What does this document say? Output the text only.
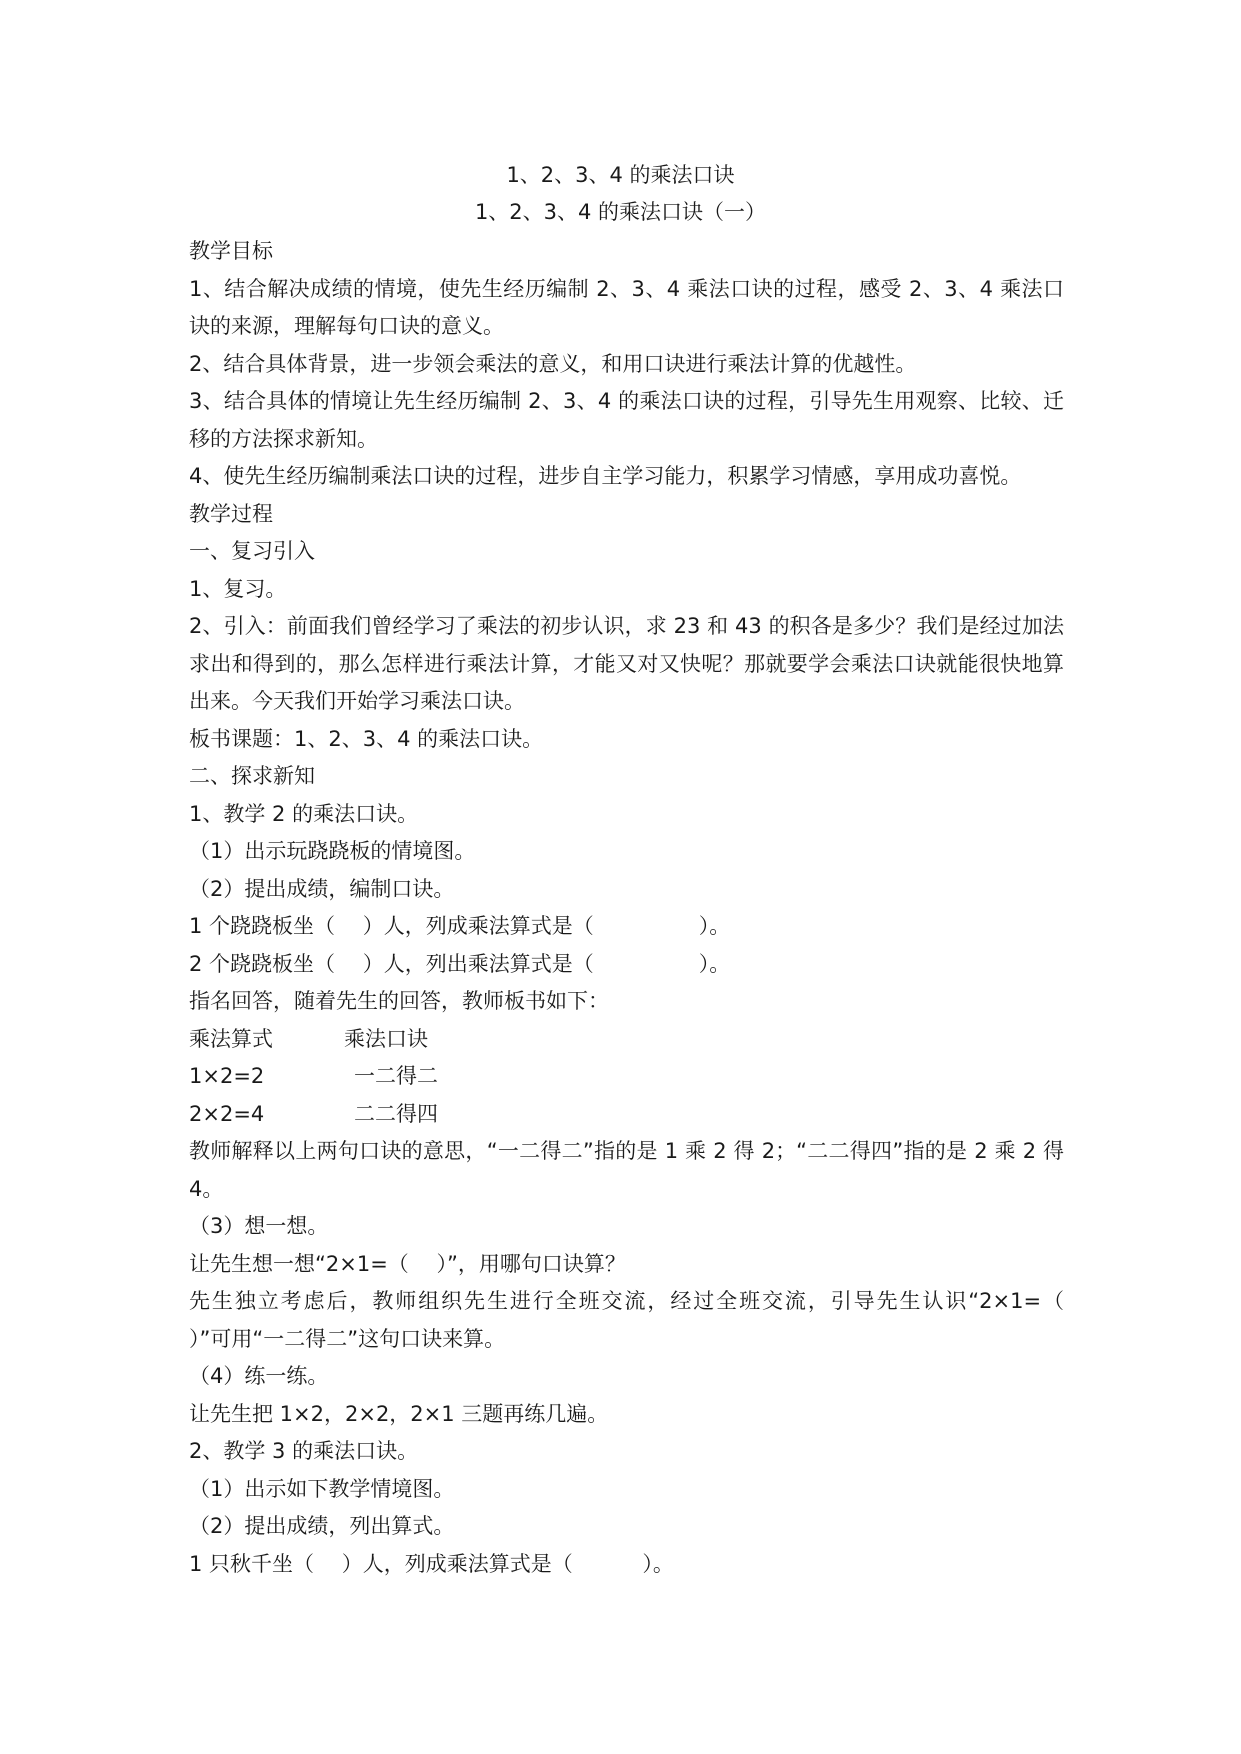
1、2、3、4 的乘法口诀
1、2、3、4 的乘法口诀（一）
教学目标
1、结合解决成绩的情境，使先生经历编制 2、3、4 乘法口诀的过程，感受 2、3、4 乘法口诀的来源，理解每句口诀的意义。
2、结合具体背景，进一步领会乘法的意义，和用口诀进行乘法计算的优越性。
3、结合具体的情境让先生经历编制 2、3、4 的乘法口诀的过程，引导先生用观察、比较、迁移的方法探求新知。
4、使先生经历编制乘法口诀的过程，进步自主学习能力，积累学习情感，享用成功喜悦。
教学过程
一、复习引入
1、复习。
2、引入：前面我们曾经学习了乘法的初步认识，求 23 和 43 的积各是多少？我们是经过加法求出和得到的，那么怎样进行乘法计算，才能又对又快呢？那就要学会乘法口诀就能很快地算出来。今天我们开始学习乘法口诀。
板书课题：1、2、3、4 的乘法口诀。
二、探求新知
1、教学 2 的乘法口诀。
（1）出示玩跷跷板的情境图。
（2）提出成绩，编制口诀。
1 个跷跷板坐（　 ）人，列成乘法算式是（　　　　　）。
2 个跷跷板坐（　 ）人，列出乘法算式是（　　　　　）。
指名回答，随着先生的回答，教师板书如下：
乘法算式	乘法口诀
1×2=2	一二得二
2×2=4	二二得四
教师解释以上两句口诀的意思，“一二得二”指的是 1 乘 2 得 2；“二二得四”指的是 2 乘 2 得 4。
（3）想一想。
让先生想一想“2×1=（　 ）”，用哪句口诀算？
先生独立考虑后，教师组织先生进行全班交流，经过全班交流，引导先生认识“2×1=（　 ）”可用“一二得二”这句口诀来算。
（4）练一练。
让先生把 1×2，2×2，2×1 三题再练几遍。
2、教学 3 的乘法口诀。
（1）出示如下教学情境图。
（2）提出成绩，列出算式。
1 只秋千坐（　 ）人，列成乘法算式是（　　　 ）。
